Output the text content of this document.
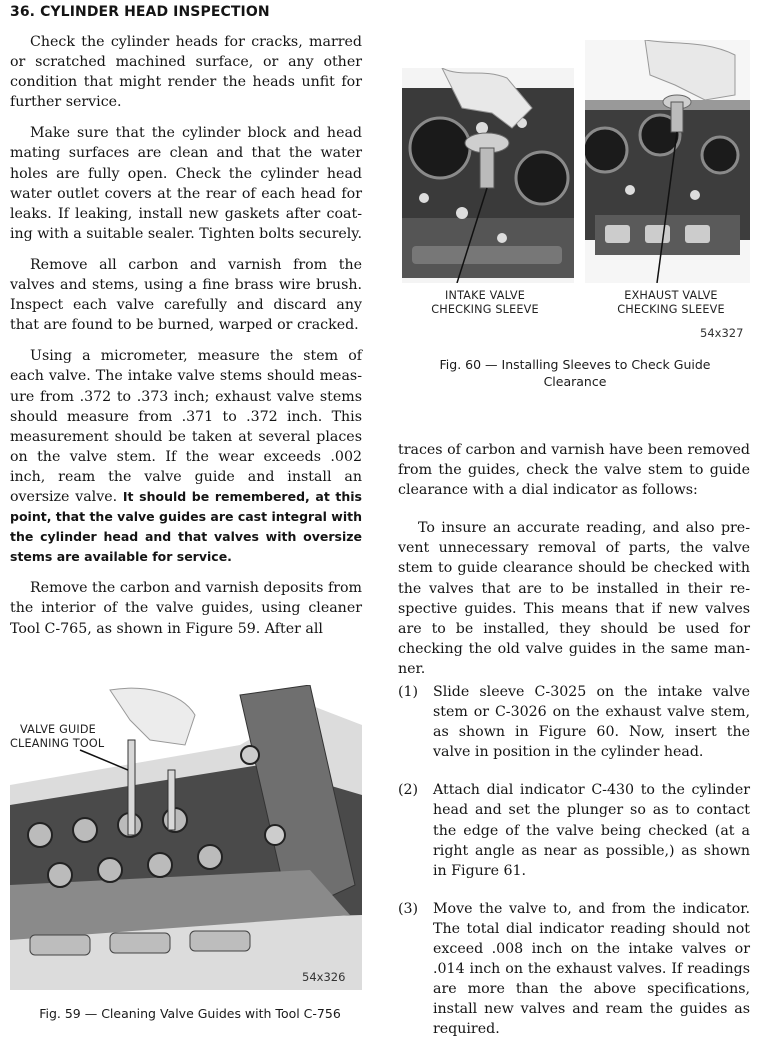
36. CYLINDER HEAD INSPECTION

Check the cylinder heads for cracks, marred or scratched machined surface, or any other condition that might render the heads unfit for further service.

Make sure that the cylinder block and head mating surfaces are clean and that the water holes are fully open. Check the cylinder head water outlet covers at the rear of each head for leaks. If leaking, install new gaskets after coating with a suitable sealer. Tighten bolts securely.

Remove all carbon and varnish from the valves and stems, using a fine brass wire brush. Inspect each valve carefully and discard any that are found to be burned, warped or cracked.

Using a micrometer, measure the stem of each valve. The intake valve stems should measure from .372 to .373 inch; exhaust valve stems should measure from .371 to .372 inch. This measurement should be taken at several places on the valve stem. If the wear exceeds .002 inch, ream the valve guide and install an oversize valve. It should be remembered, at this point, that the valve guides are cast integral with the cylinder head and that valves with oversize stems are available for service.

Remove the carbon and varnish deposits from the interior of the valve guides, using cleaner Tool C-765, as shown in Figure 59. After all

INTAKE VALVE
CHECKING SLEEVE
EXHAUST VALVE
CHECKING SLEEVE
54x327
Fig. 60 — Installing Sleeves to Check Guide Clearance

traces of carbon and varnish have been removed from the guides, check the valve stem to guide clearance with a dial indicator as follows:

To insure an accurate reading, and also prevent unnecessary removal of parts, the valve stem to guide clearance should be checked with the valves that are to be installed in their respective guides. This means that if new valves are to be installed, they should be used for checking the old valve guides in the same manner.

(1)	Slide sleeve C-3025 on the intake valve stem or C-3026 on the exhaust valve stem, as shown in Figure 60. Now, insert the valve in position in the cylinder head.
(2)	Attach dial indicator C-430 to the cylinder head and set the plunger so as to contact the edge of the valve being checked (at a right angle as near as possible,) as shown in Figure 61.
(3)	Move the valve to, and from the indicator. The total dial indicator reading should not exceed .008 inch on the intake valves or .014 inch on the exhaust valves. If readings are more than the above specifications, install new valves and ream the guides as required.
VALVE GUIDE
CLEANING TOOL
54x326
Fig. 59 — Cleaning Valve Guides with Tool C-756
